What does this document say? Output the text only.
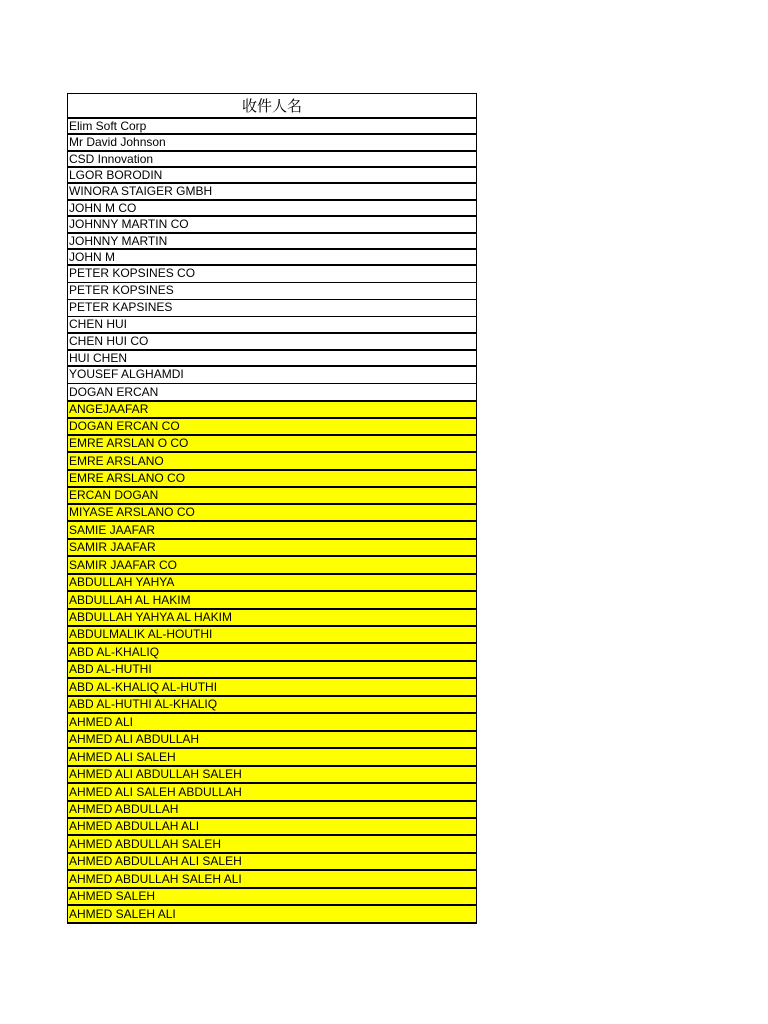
收件人名
Elim Soft Corp
Mr David Johnson
CSD Innovation
LGOR BORODIN
WINORA STAIGER GMBH
JOHN M CO
JOHNNY MARTIN CO
JOHNNY MARTIN
JOHN M
PETER KOPSINES CO
PETER KOPSINES
PETER KAPSINES
CHEN HUI
CHEN HUI CO
HUI CHEN
YOUSEF ALGHAMDI
DOGAN ERCAN
ANGEJAAFAR
DOGAN ERCAN CO
EMRE ARSLAN O CO
EMRE ARSLANO
EMRE ARSLANO CO
ERCAN DOGAN
MIYASE ARSLANO CO
SAMIE JAAFAR
SAMIR JAAFAR
SAMIR JAAFAR CO
ABDULLAH YAHYA
ABDULLAH AL HAKIM
ABDULLAH YAHYA AL HAKIM
ABDULMALIK AL-HOUTHI
ABD AL-KHALIQ
ABD AL-HUTHI
ABD AL-KHALIQ AL-HUTHI
ABD AL-HUTHI AL-KHALIQ
AHMED ALI
AHMED ALI ABDULLAH
AHMED ALI SALEH
AHMED ALI ABDULLAH SALEH
AHMED ALI SALEH ABDULLAH
AHMED ABDULLAH
AHMED ABDULLAH ALI
AHMED ABDULLAH SALEH
AHMED ABDULLAH ALI SALEH
AHMED ABDULLAH SALEH ALI
AHMED SALEH
AHMED SALEH ALI
